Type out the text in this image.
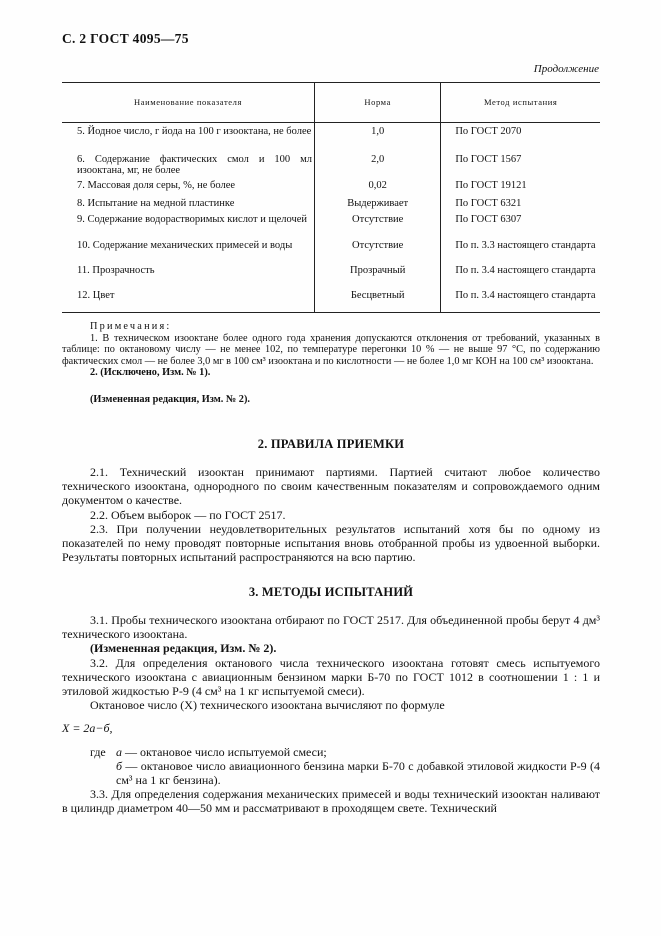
С. 2 ГОСТ 4095—75
Продолжение
Наименование показателя	Норма	Метод испытания

5. Йодное число, г йода на 100 г изооктана, не более	1,0	По ГОСТ 2070

6. Содержание фактических смол и 100 мл изооктана, мг, не более	2,0	По ГОСТ 1567

7. Массовая доля серы, %, не более	0,02	По ГОСТ 19121

8. Испытание на медной пластинке	Выдерживает	По ГОСТ 6321

9. Содержание водорастворимых кислот и щелочей	Отсутствие	По ГОСТ 6307

10. Содержание механических примесей и воды	Отсутствие	По п. 3.3 настоящего стандарта

11. Прозрачность	Прозрачный	По п. 3.4 настоящего стандарта

12. Цвет	Бесцветный	По п. 3.4 настоящего стандарта
Примечания:

1. В техническом изооктане более одного года хранения допускаются отклонения от требований, указанных в таблице: по октановому числу — не менее 102, по температуре перегонки 10 % — не выше 97 °С, по содержанию фактических смол — не более 3,0 мг в 100 см³ изооктана и по кислотности — не более 1,0 мг КОН на 100 см³ изооктана.

2. (Исключено, Изм. № 1).

(Измененная редакция, Изм. № 2).

2. ПРАВИЛА ПРИЕМКИ

2.1. Технический изооктан принимают партиями. Партией считают любое количество технического изооктана, однородного по своим качественным показателям и сопровождаемого одним документом о качестве.

2.2. Объем выборок — по ГОСТ 2517.

2.3. При получении неудовлетворительных результатов испытаний хотя бы по одному из показателей по нему проводят повторные испытания вновь отобранной пробы из удвоенной выборки. Результаты повторных испытаний распространяются на всю партию.

3. МЕТОДЫ ИСПЫТАНИЙ

3.1. Пробы технического изооктана отбирают по ГОСТ 2517. Для объединенной пробы берут 4 дм³ технического изооктана.

(Измененная редакция, Изм. № 2).

3.2. Для определения октанового числа технического изооктана готовят смесь испытуемого технического изооктана с авиационным бензином марки Б-70 по ГОСТ 1012 в соотношении 1 : 1 и этиловой жидкостью Р-9 (4 см³ на 1 кг испытуемой смеси).

Октановое число (X) технического изооктана вычисляют по формуле

X = 2a−б,

где a — октановое число испытуемой смеси;
б — октановое число авиационного бензина марки Б-70 с добавкой этиловой жидкости Р-9 (4 см³ на 1 кг бензина).

3.3. Для определения содержания механических примесей и воды технический изооктан наливают в цилиндр диаметром 40—50 мм и рассматривают в проходящем свете. Технический
